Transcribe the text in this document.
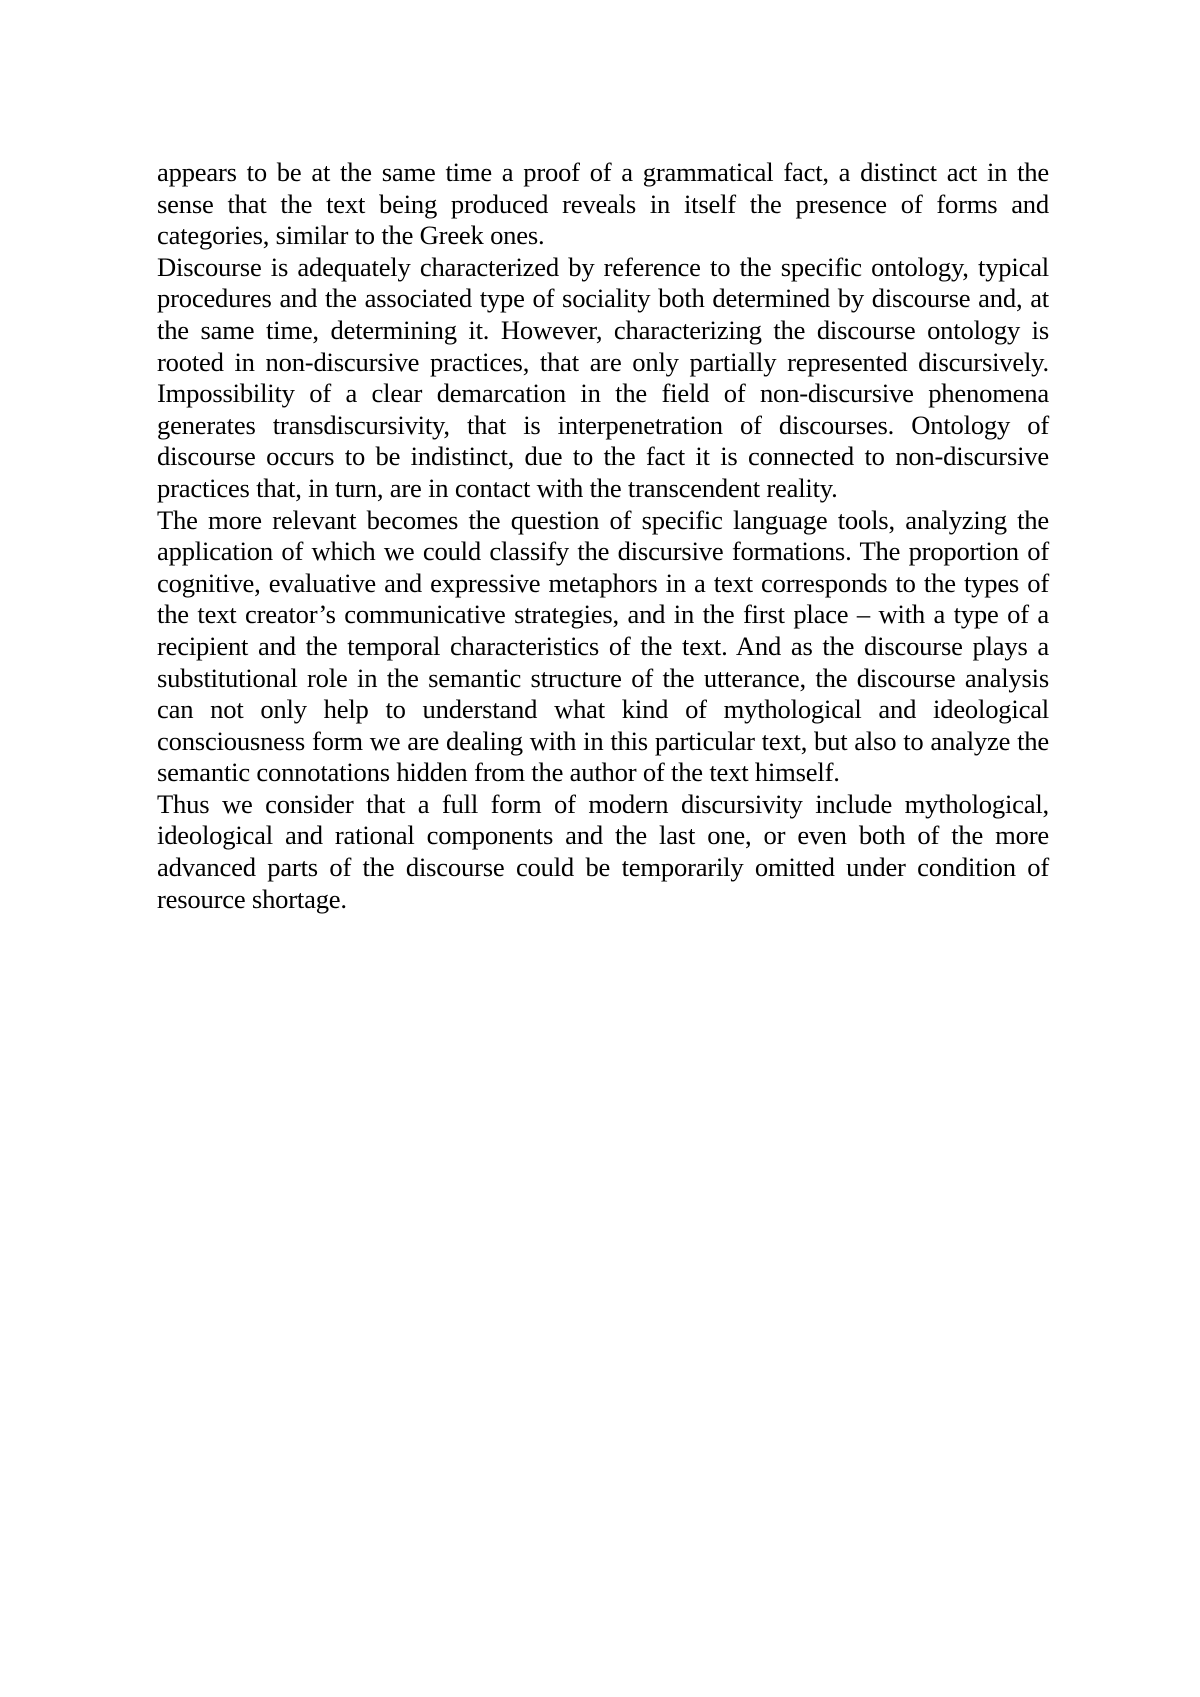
appears to be at the same time a proof of a grammatical fact, a distinct act in the sense that the text being produced reveals in itself the presence of forms and categories, similar to the Greek ones.

Discourse is adequately characterized by reference to the specific ontology, typical procedures and the associated type of sociality both determined by discourse and, at the same time, determining it. However, characterizing the discourse ontology is rooted in non-discursive practices, that are only partially represented discursively. Impossibility of a clear demarcation in the field of non-discursive phenomena generates transdiscursivity, that is interpenetration of discourses. Ontology of discourse occurs to be indistinct, due to the fact it is connected to non-discursive practices that, in turn, are in contact with the transcendent reality.

The more relevant becomes the question of specific language tools, analyzing the application of which we could classify the discursive formations. The proportion of cognitive, evaluative and expressive metaphors in a text corresponds to the types of the text creator’s communicative strategies, and in the first place – with a type of a recipient and the temporal characteristics of the text. And as the discourse plays a substitutional role in the semantic structure of the utterance, the discourse analysis can not only help to understand what kind of mythological and ideological consciousness form we are dealing with in this particular text, but also to analyze the semantic connotations hidden from the author of the text himself.

Thus we consider that a full form of modern discursivity include mythological, ideological and rational components and the last one, or even both of the more advanced parts of the discourse could be temporarily omitted under condition of resource shortage.
